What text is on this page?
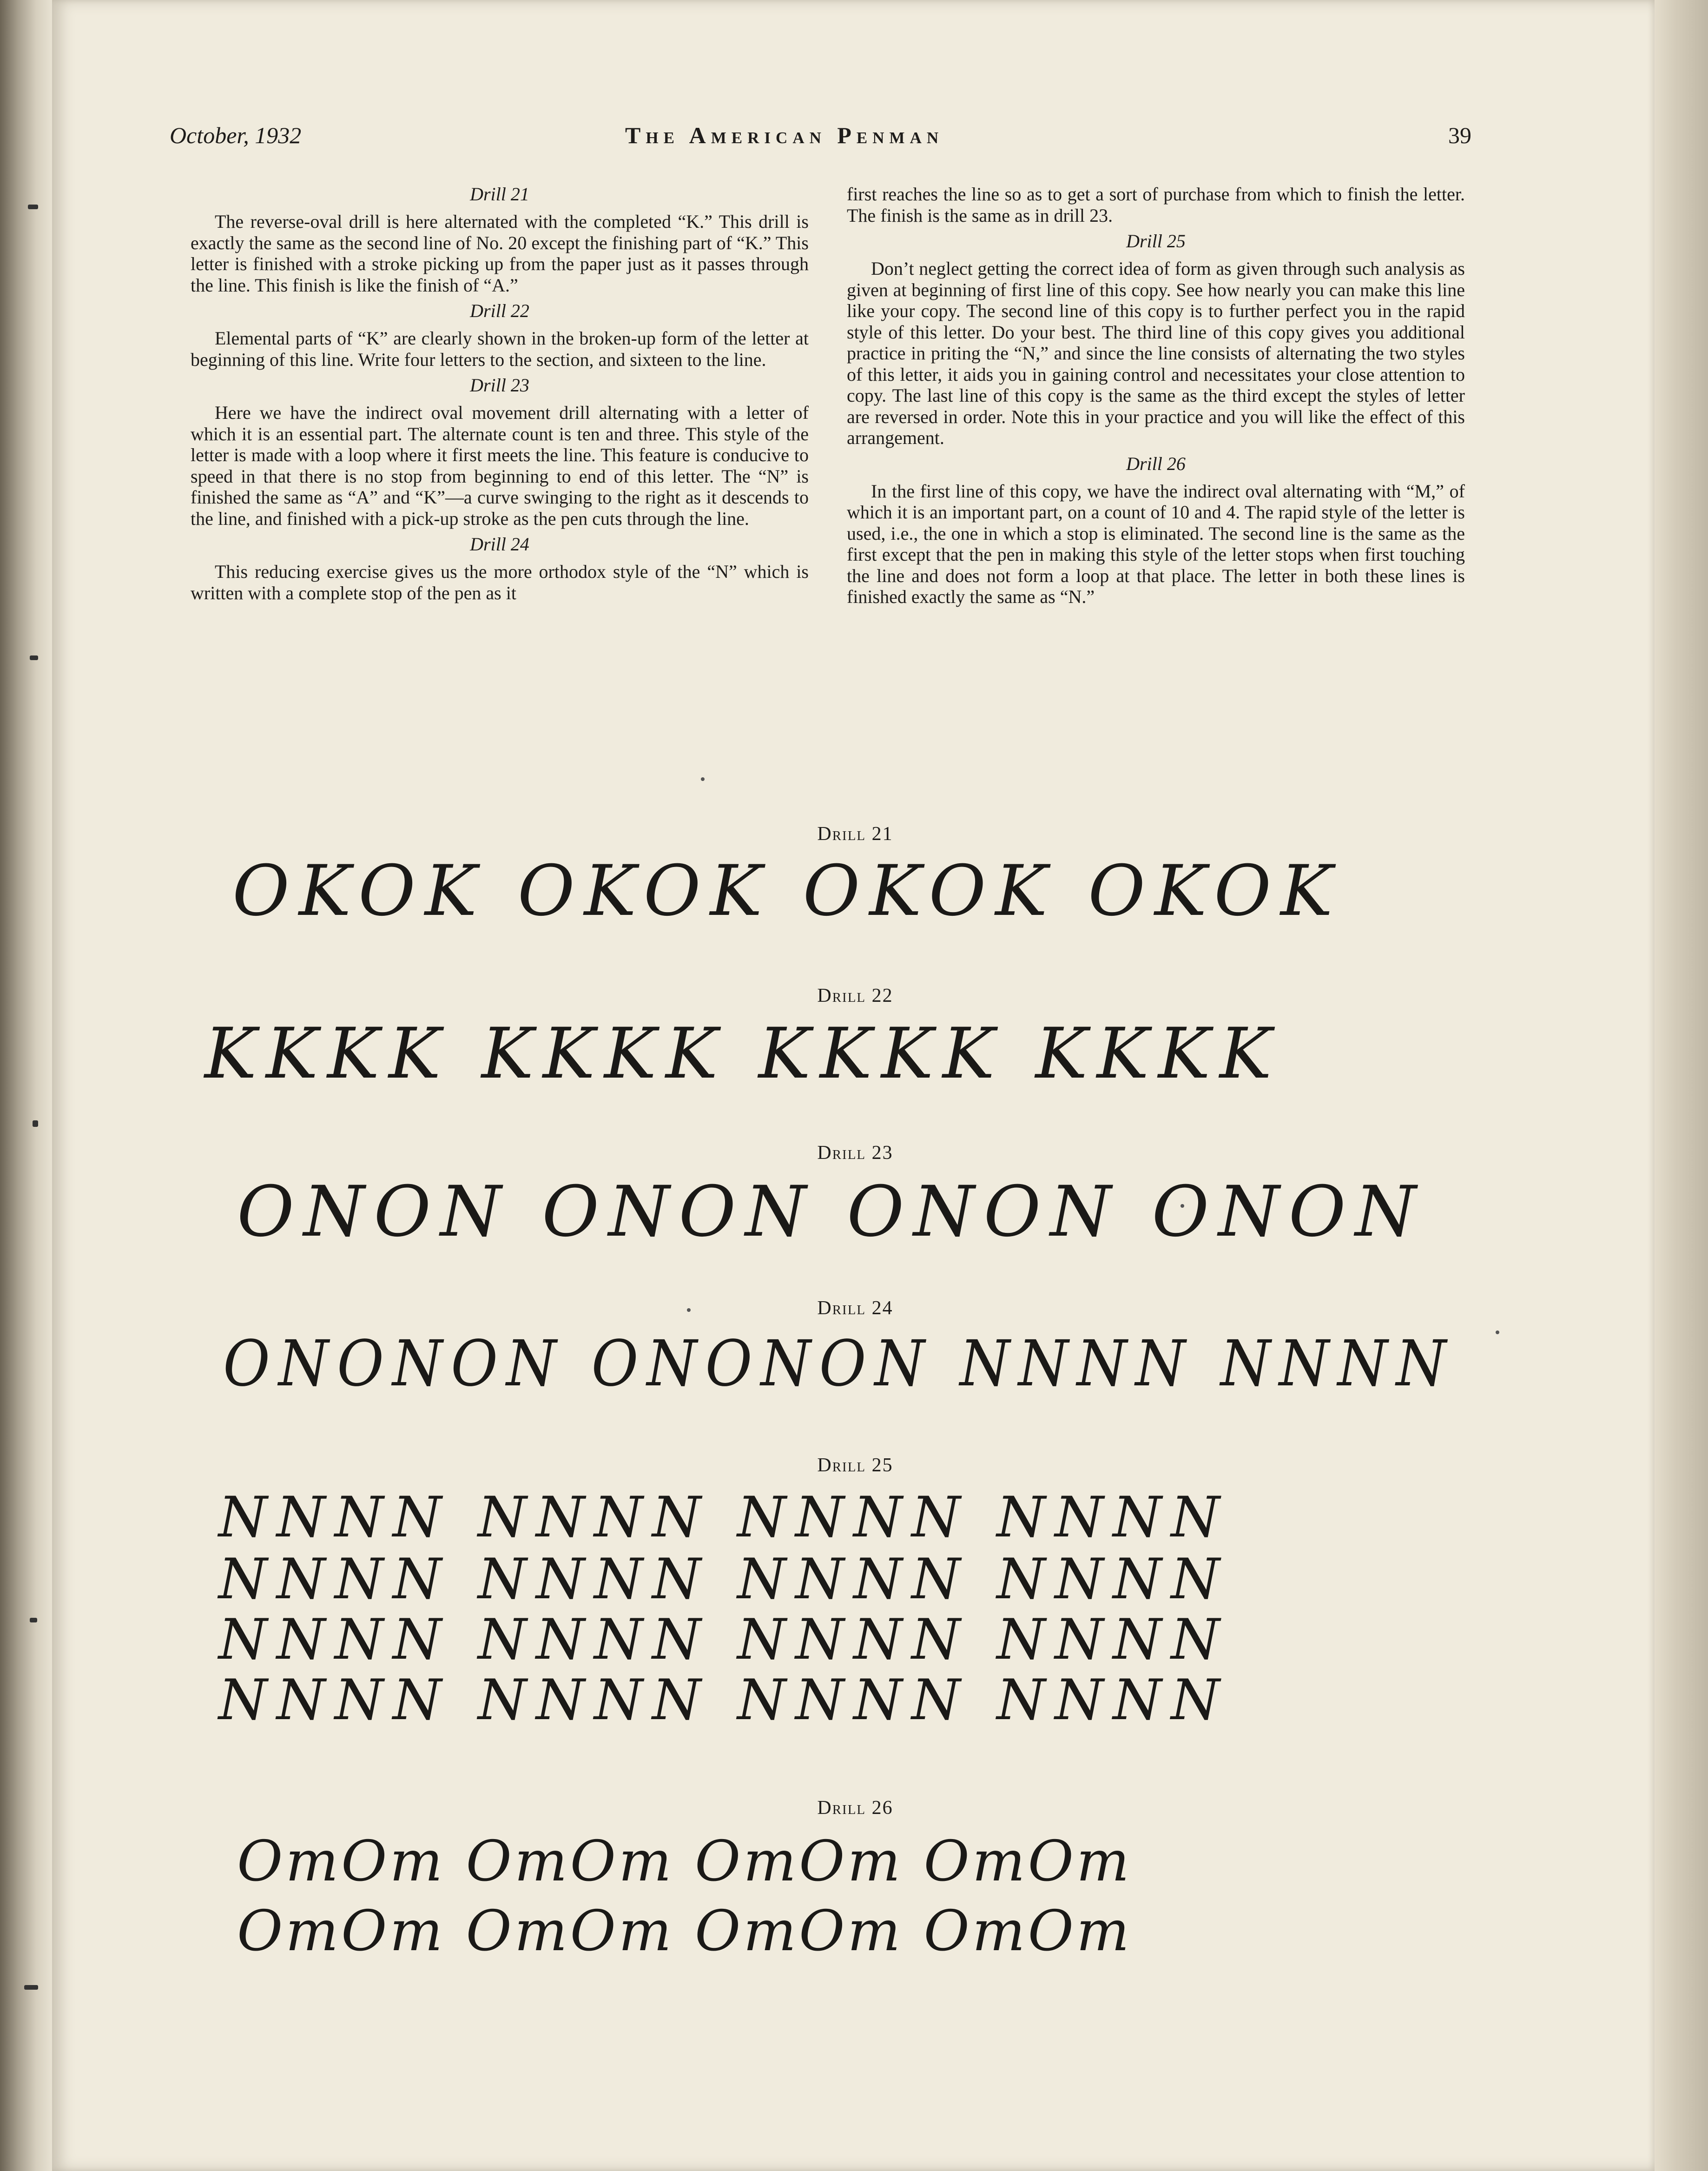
October, 1932	The American Penman	39
Drill 21

The reverse-oval drill is here alternated with the completed “K.” This drill is exactly the same as the second line of No. 20 except the finishing part of “K.” This letter is finished with a stroke picking up from the paper just as it passes through the line. This finish is like the finish of “A.”

Drill 22

Elemental parts of “K” are clearly shown in the broken-up form of the letter at beginning of this line. Write four letters to the section, and sixteen to the line.

Drill 23

Here we have the indirect oval movement drill alternating with a letter of which it is an essential part. The alternate count is ten and three. This style of the letter is made with a loop where it first meets the line. This feature is conducive to speed in that there is no stop from beginning to end of this letter. The “N” is finished the same as “A” and “K”—a curve swinging to the right as it descends to the line, and finished with a pick-up stroke as the pen cuts through the line.

Drill 24

This reducing exercise gives us the more orthodox style of the “N” which is written with a complete stop of the pen as it

first reaches the line so as to get a sort of purchase from which to finish the letter. The finish is the same as in drill 23.

Drill 25

Don’t neglect getting the correct idea of form as given through such analysis as given at beginning of first line of this copy. See how nearly you can make this line like your copy. The second line of this copy is to further perfect you in the rapid style of this letter. Do your best. The third line of this copy gives you additional practice in priting the “N,” and since the line consists of alternating the two styles of this letter, it aids you in gaining control and necessitates your close attention to copy. The last line of this copy is the same as the third except the styles of letter are reversed in order. Note this in your practice and you will like the effect of this arrangement.

Drill 26

In the first line of this copy, we have the indirect oval alternating with “M,” of which it is an important part, on a count of 10 and 4. The rapid style of the letter is used, i.e., the one in which a stop is eliminated. The second line is the same as the first except that the pen in making this style of the letter stops when first touching the line and does not form a loop at that place. The letter in both these lines is finished exactly the same as “N.”

Drill 21
OKOK OKOK OKOK OKOK
Drill 22
KKKK KKKK KKKK KKKK
Drill 23
ONON ONON ONON ONON
Drill 24
ONONON ONONON NNNN NNNN
Drill 25
NNNN NNNN NNNN NNNN
NNNN NNNN NNNN NNNN
NNNN NNNN NNNN NNNN
NNNN NNNN NNNN NNNN
Drill 26
OmOm OmOm OmOm OmOm
OmOm OmOm OmOm OmOm
